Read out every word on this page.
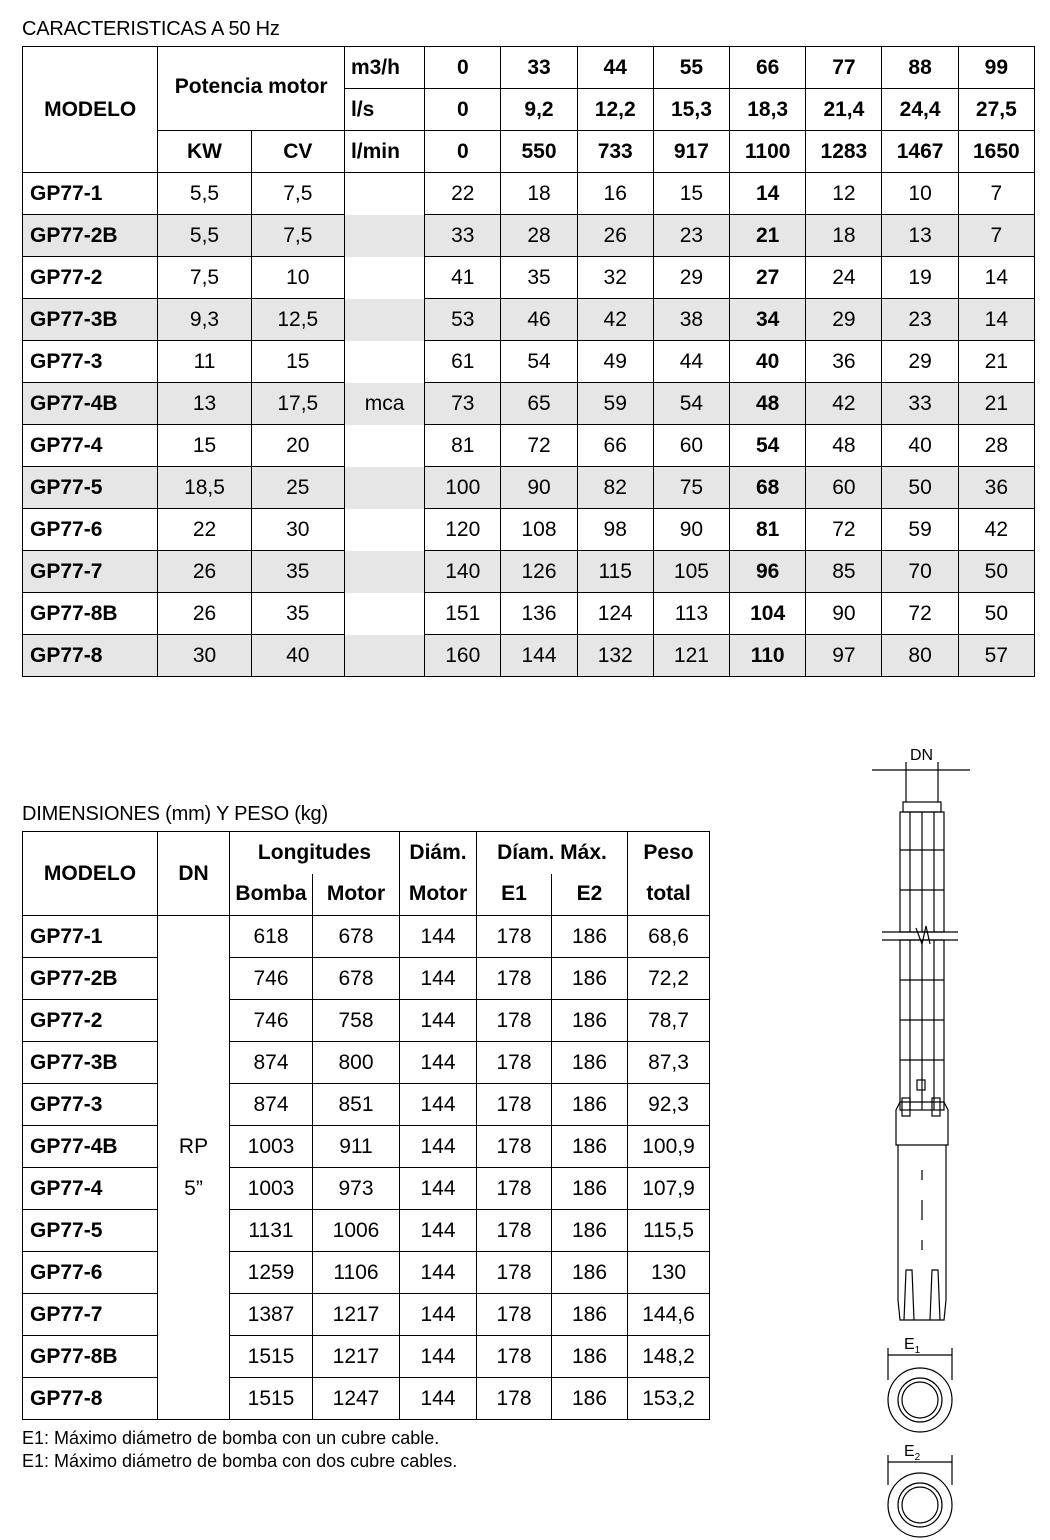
CARACTERISTICAS A 50 Hz
MODELO	Potencia motor		m3/h	0	33	44	55	66	77	88	99
			l/s	0	9,2	12,2	15,3	18,3	21,4	24,4	27,5
	KW	CV	l/min	0	550	733	917	1100	1283	1467	1650
GP77-1	5,5	7,5		22	18	16	15	14	12	10	7
GP77-2B	5,5	7,5		33	28	26	23	21	18	13	7
GP77-2	7,5	10		41	35	32	29	27	24	19	14
GP77-3B	9,3	12,5		53	46	42	38	34	29	23	14
GP77-3	11	15		61	54	49	44	40	36	29	21
GP77-4B	13	17,5	mca	73	65	59	54	48	42	33	21
GP77-4	15	20		81	72	66	60	54	48	40	28
GP77-5	18,5	25		100	90	82	75	68	60	50	36
GP77-6	22	30		120	108	98	90	81	72	59	42
GP77-7	26	35		140	126	115	105	96	85	70	50
GP77-8B	26	35		151	136	124	113	104	90	72	50
GP77-8	30	40		160	144	132	121	110	97	80	57
DIMENSIONES (mm) Y PESO (kg)
MODELO	DN	Longitudes		Diám.	Díam. Máx.		Peso
		Bomba	Motor	Motor	E1	E2	total
GP77-1		618	678	144	178	186	68,6
GP77-2B		746	678	144	178	186	72,2
GP77-2		746	758	144	178	186	78,7
GP77-3B		874	800	144	178	186	87,3
GP77-3		874	851	144	178	186	92,3
GP77-4B	RP	1003	911	144	178	186	100,9
GP77-4	5”	1003	973	144	178	186	107,9
GP77-5		1131	1006	144	178	186	115,5
GP77-6		1259	1106	144	178	186	130
GP77-7		1387	1217	144	178	186	144,6
GP77-8B		1515	1217	144	178	186	148,2
GP77-8		1515	1247	144	178	186	153,2
E1: Máximo diámetro de bomba con un cubre cable.
E1: Máximo diámetro de bomba con dos cubre cables.
DN
$E_1$
$E_2$
